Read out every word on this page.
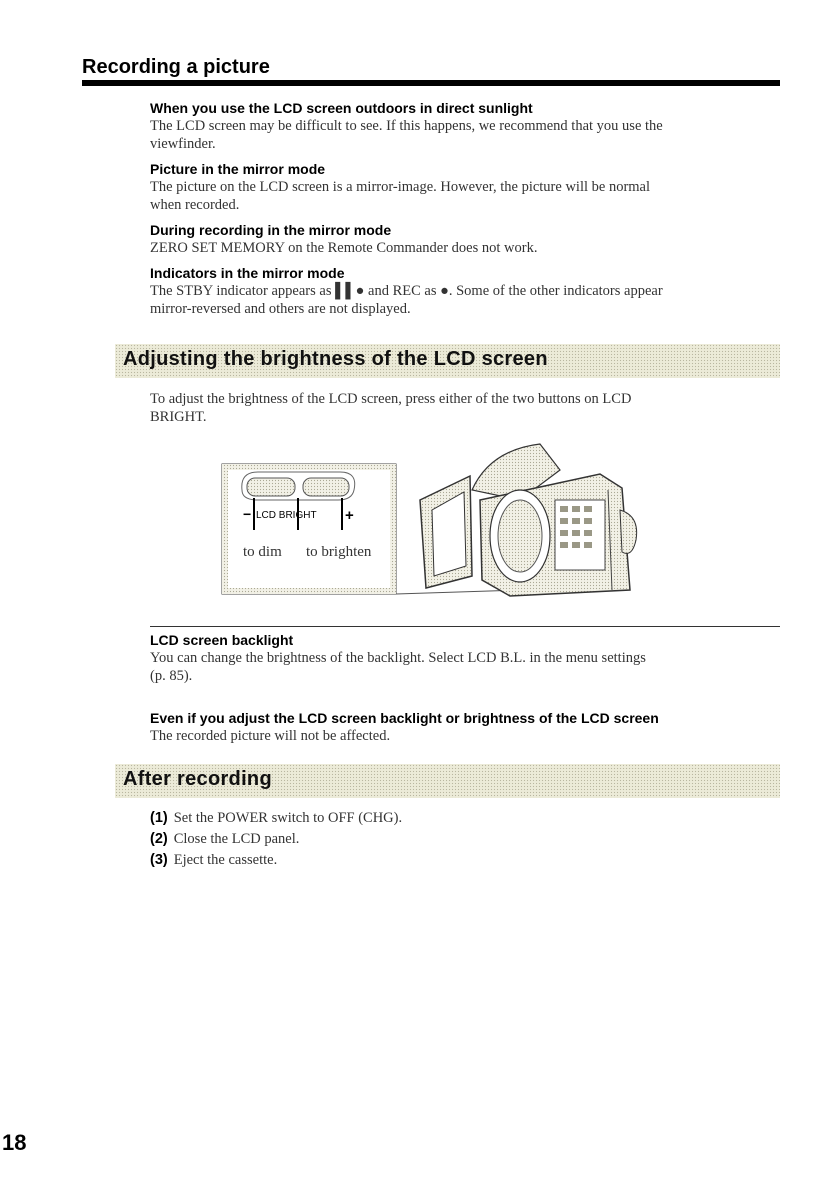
Recording a picture
When you use the LCD screen outdoors in direct sunlight
The LCD screen may be difficult to see. If this happens, we recommend that you use the
viewfinder.
Picture in the mirror mode
The picture on the LCD screen is a mirror-image. However, the picture will be normal
when recorded.
During recording in the mirror mode
ZERO SET MEMORY on the Remote Commander does not work.
Indicators in the mirror mode
The STBY indicator appears as ▌▌● and REC as ●. Some of the other indicators appear
mirror-reversed and others are not displayed.
Adjusting the brightness of the LCD screen
To adjust the brightness of the LCD screen, press either of the two buttons on LCD
BRIGHT.
− LCD BRIGHT +
to dim to brighten
LCD screen backlight
You can change the brightness of the backlight. Select LCD B.L. in the menu settings
(p. 85).
Even if you adjust the LCD screen backlight or brightness of the LCD screen
The recorded picture will not be affected.
After recording
(1) Set the POWER switch to OFF (CHG).
(2) Close the LCD panel.
(3) Eject the cassette.
18
